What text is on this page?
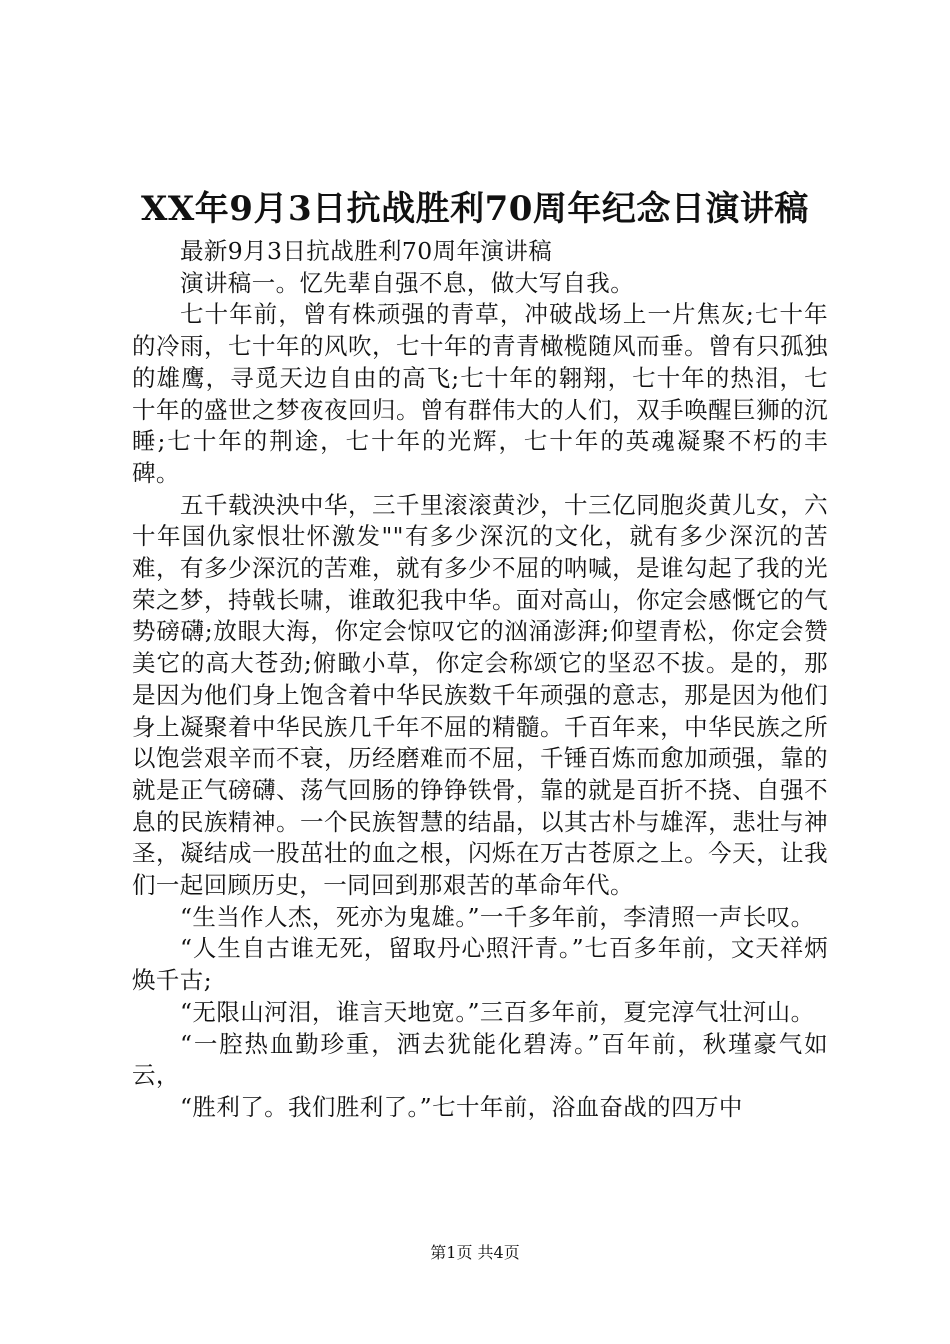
XX年9月3日抗战胜利70周年纪念日演讲稿

最新9月3日抗战胜利70周年演讲稿

演讲稿一。忆先辈自强不息，做大写自我。

七十年前，曾有株顽强的青草，冲破战场上一片焦灰;七十年的冷雨，七十年的风吹，七十年的青青橄榄随风而垂。曾有只孤独的雄鹰，寻觅天边自由的高飞;七十年的翱翔，七十年的热泪，七十年的盛世之梦夜夜回归。曾有群伟大的人们，双手唤醒巨狮的沉睡;七十年的荆途，七十年的光辉，七十年的英魂凝聚不朽的丰碑。

五千载泱泱中华，三千里滚滚黄沙，十三亿同胞炎黄儿女，六十年国仇家恨壮怀激发""有多少深沉的文化，就有多少深沉的苦难，有多少深沉的苦难，就有多少不屈的呐喊，是谁勾起了我的光荣之梦，持戟长啸，谁敢犯我中华。面对高山，你定会感慨它的气势磅礴;放眼大海，你定会惊叹它的汹涌澎湃;仰望青松，你定会赞美它的高大苍劲;俯瞰小草，你定会称颂它的坚忍不拔。是的，那是因为他们身上饱含着中华民族数千年顽强的意志，那是因为他们身上凝聚着中华民族几千年不屈的精髓。千百年来，中华民族之所以饱尝艰辛而不衰，历经磨难而不屈，千锤百炼而愈加顽强，靠的就是正气磅礴、荡气回肠的铮铮铁骨，靠的就是百折不挠、自强不息的民族精神。一个民族智慧的结晶，以其古朴与雄浑，悲壮与神圣，凝结成一股茁壮的血之根，闪烁在万古苍原之上。今天，让我们一起回顾历史，一同回到那艰苦的革命年代。

“生当作人杰，死亦为鬼雄。”一千多年前，李清照一声长叹。

“人生自古谁无死，留取丹心照汗青。”七百多年前，文天祥炳焕千古;

“无限山河泪，谁言天地宽。”三百多年前，夏完淳气壮河山。

“一腔热血勤珍重，洒去犹能化碧涛。”百年前，秋瑾豪气如云，

“胜利了。我们胜利了。”七十年前，浴血奋战的四万中

第1页 共4页
